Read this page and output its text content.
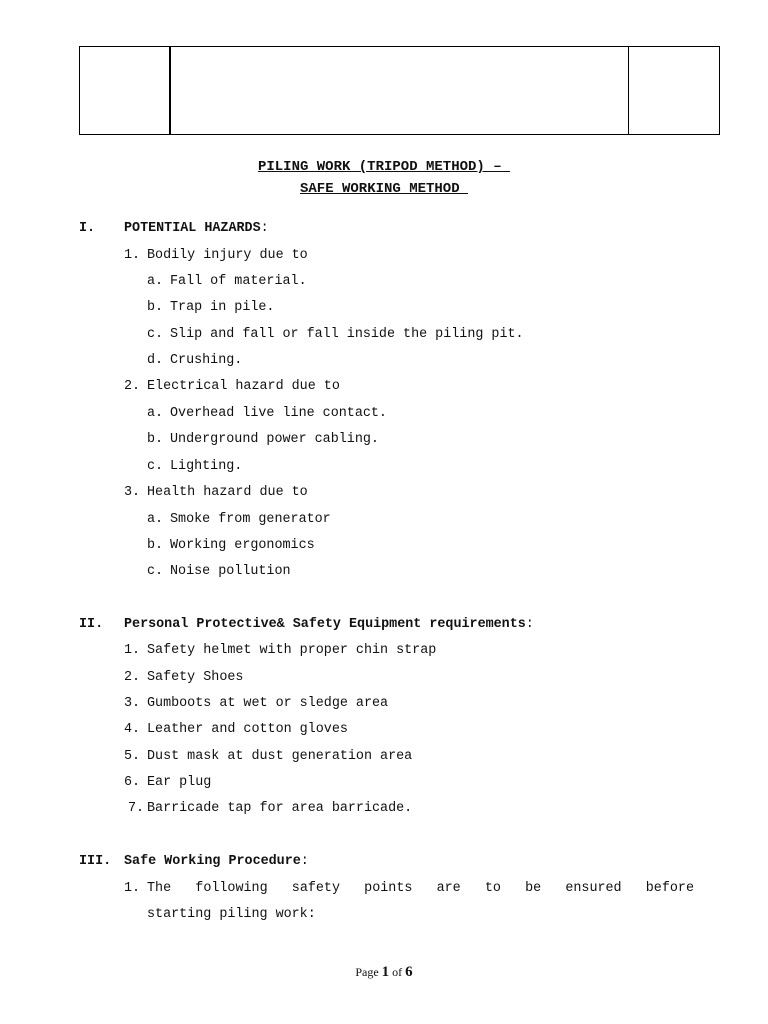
PILING WORK (TRIPOD METHOD) –
SAFE WORKING METHOD
I. POTENTIAL HAZARDS:
1. Bodily injury due to
a. Fall of material.
b. Trap in pile.
c. Slip and fall or fall inside the piling pit.
d. Crushing.
2. Electrical hazard due to
a. Overhead live line contact.
b. Underground power cabling.
c. Lighting.
3. Health hazard due to
a. Smoke from generator
b. Working ergonomics
c. Noise pollution
II. Personal Protective& Safety Equipment requirements:
1. Safety helmet with proper chin strap
2. Safety Shoes
3. Gumboots at wet or sledge area
4. Leather and cotton gloves
5. Dust mask at dust generation area
6. Ear plug
7. Barricade tap for area barricade.
III. Safe Working Procedure:
1. The following safety points are to be ensured before
starting piling work:
Page 1 of 6
